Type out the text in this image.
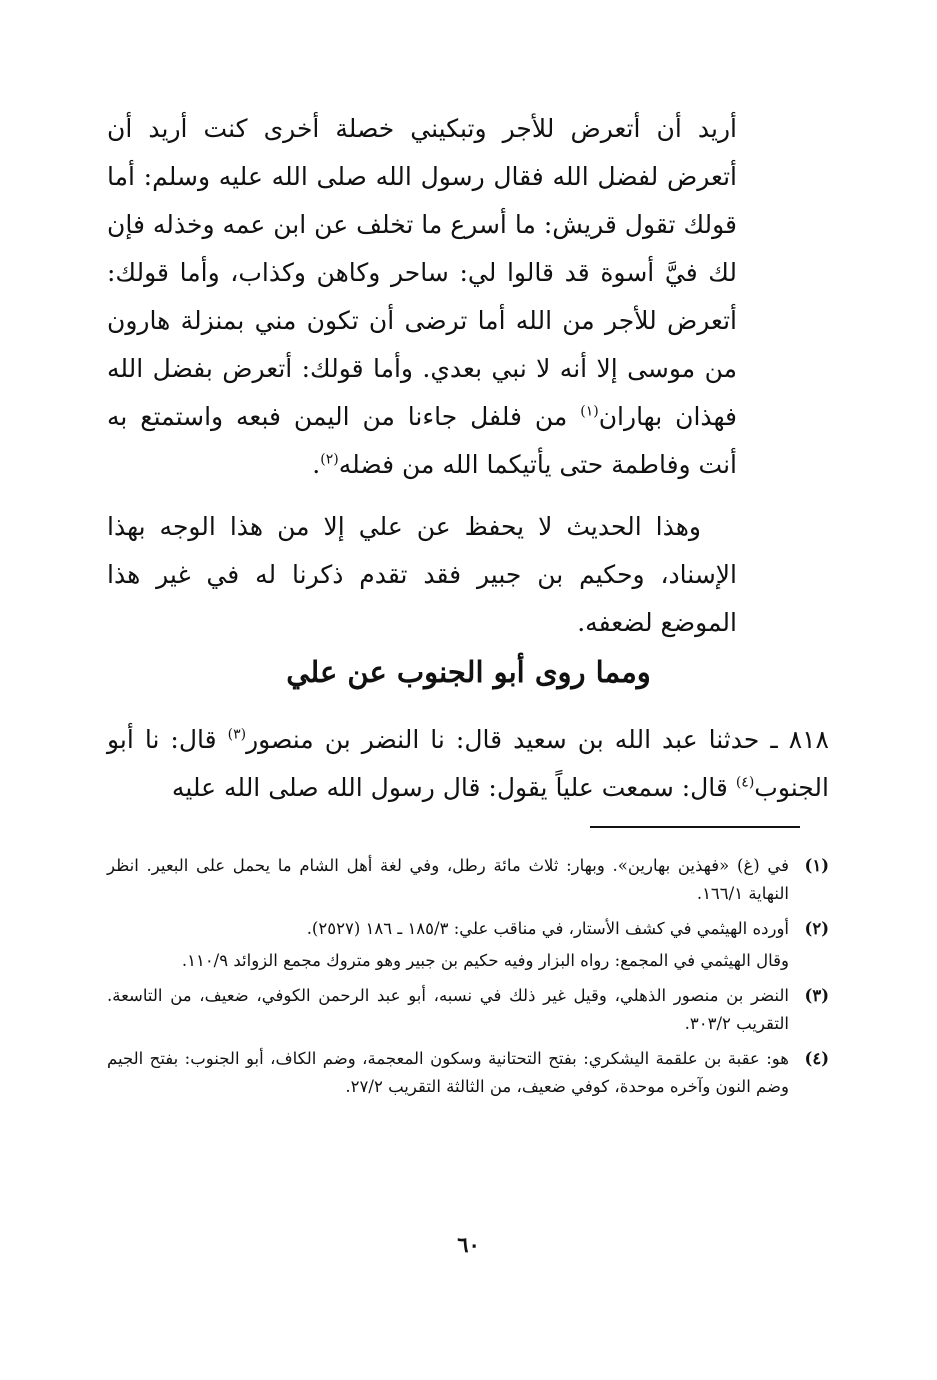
أريد أن أتعرض للأجر وتبكيني خصلة أخرى كنت أريد أن أتعرض لفضل الله فقال رسول الله صلى الله عليه وسلم: أما قولك تقول قريش: ما أسرع ما تخلف عن ابن عمه وخذله فإن لك فيَّ أسوة قد قالوا لي: ساحر وكاهن وكذاب، وأما قولك: أتعرض للأجر من الله أما ترضى أن تكون مني بمنزلة هارون من موسى إلا أنه لا نبي بعدي. وأما قولك: أتعرض بفضل الله فهذان بهاران$^{(١)}$ من فلفل جاءنا من اليمن فبعه واستمتع به أنت وفاطمة حتى يأتيكما الله من فضله$^{(٢)}$.

وهذا الحديث لا يحفظ عن علي إلا من هذا الوجه بهذا الإسناد، وحكيم بن جبير فقد تقدم ذكرنا له في غير هذا الموضع لضعفه.

ومما روى أبو الجنوب عن علي
٨١٨ ـ حدثنا عبد الله بن سعيد قال: نا النضر بن منصور$^{(٣)}$ قال: نا أبو الجنوب$^{(٤)}$ قال: سمعت علياً يقول: قال رسول الله صلى الله عليه
(١)

في (غ) «فهذين بهارين». وبهار: ثلاث مائة رطل، وفي لغة أهل الشام ما يحمل على البعير. انظر النهاية ١٦٦/١.

(٢)

أورده الهيثمي في كشف الأستار، في مناقب علي: ١٨٥/٣ ـ ١٨٦ (٢٥٢٧).

وقال الهيثمي في المجمع: رواه البزار وفيه حكيم بن جبير وهو متروك مجمع الزوائد ١١٠/٩.

(٣)

النضر بن منصور الذهلي، وقيل غير ذلك في نسبه، أبو عبد الرحمن الكوفي، ضعيف، من التاسعة. التقريب ٣٠٣/٢.

(٤)

هو: عقبة بن علقمة اليشكري: بفتح التحتانية وسكون المعجمة، وضم الكاف، أبو الجنوب: بفتح الجيم وضم النون وآخره موحدة، كوفي ضعيف، من الثالثة التقريب ٢٧/٢.

٦٠
